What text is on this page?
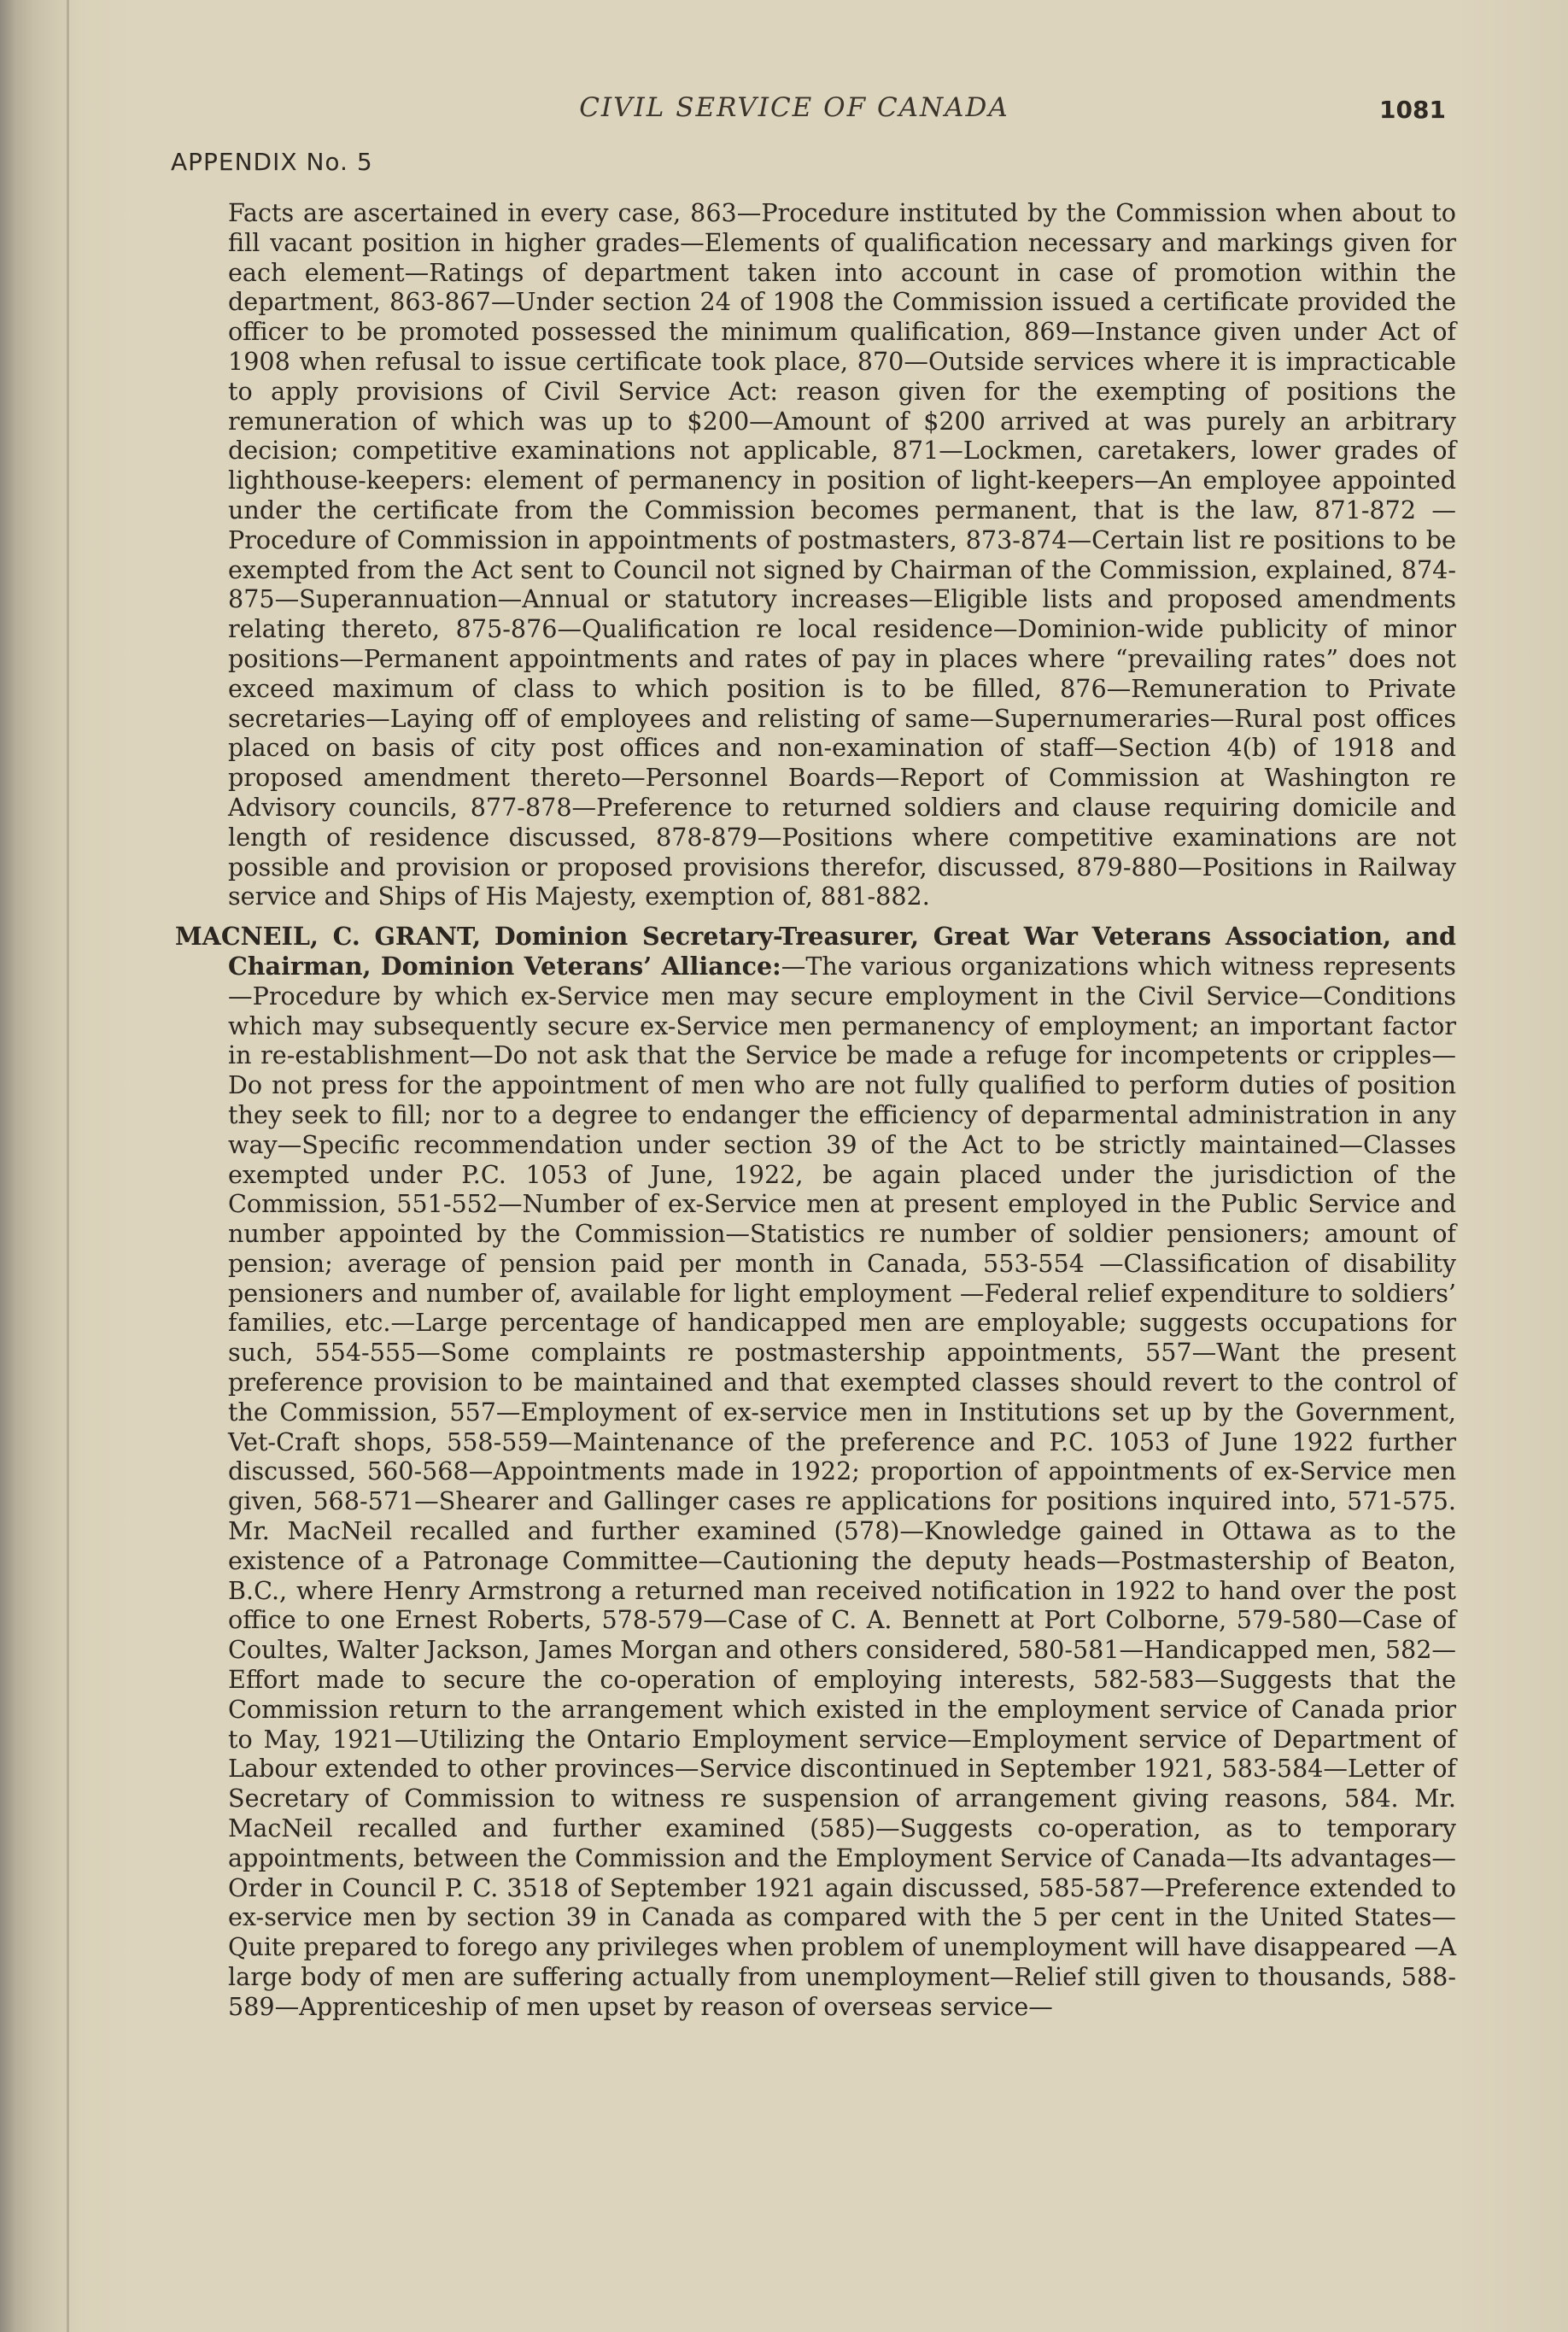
CIVIL SERVICE OF CANADA	1081
APPENDIX No. 5

Facts are ascertained in every case, 863—Procedure instituted by the Commission when about to fill vacant position in higher grades—Elements of qualification necessary and markings given for each element—Ratings of department taken into account in case of promotion within the department, 863-867—Under section 24 of 1908 the Commission issued a certificate provided the officer to be promoted possessed the minimum qualification, 869—Instance given under Act of 1908 when refusal to issue certificate took place, 870—Outside services where it is impracticable to apply provisions of Civil Service Act: reason given for the exempting of positions the remuneration of which was up to $200—Amount of $200 arrived at was purely an arbitrary decision; competitive examinations not applicable, 871—Lockmen, caretakers, lower grades of lighthouse-keepers: element of permanency in position of light-keepers—An employee appointed under the certificate from the Commission becomes permanent, that is the law, 871-872 —Procedure of Commission in appointments of postmasters, 873-874—Certain list re positions to be exempted from the Act sent to Council not signed by Chairman of the Commission, explained, 874-875—Superannuation—Annual or statutory increases—Eligible lists and proposed amendments relating thereto, 875-876—Qualification re local residence—Dominion-wide publicity of minor positions—Permanent appointments and rates of pay in places where “prevailing rates” does not exceed maximum of class to which position is to be filled, 876—Remuneration to Private secretaries—Laying off of employees and relisting of same—Supernumeraries—Rural post offices placed on basis of city post offices and non-examination of staff—Section 4(b) of 1918 and proposed amendment thereto—Personnel Boards—Report of Commission at Washington re Advisory councils, 877-878—Preference to returned soldiers and clause requiring domicile and length of residence discussed, 878-879—Positions where competitive examinations are not possible and provision or proposed provisions therefor, discussed, 879-880—Positions in Railway service and Ships of His Majesty, exemption of, 881-882.

MACNEIL, C. GRANT, Dominion Secretary-Treasurer, Great War Veterans Association, and Chairman, Dominion Veterans’ Alliance:—The various organizations which witness represents—Procedure by which ex-Service men may secure employment in the Civil Service—Conditions which may subsequently secure ex-Service men permanency of employment; an important factor in re-establishment—Do not ask that the Service be made a refuge for incompetents or cripples—Do not press for the appointment of men who are not fully qualified to perform duties of position they seek to fill; nor to a degree to endanger the efficiency of deparmental administration in any way—Specific recommendation under section 39 of the Act to be strictly maintained—Classes exempted under P.C. 1053 of June, 1922, be again placed under the jurisdiction of the Commission, 551-552—Number of ex-Service men at present employed in the Public Service and number appointed by the Commission—Statistics re number of soldier pensioners; amount of pension; average of pension paid per month in Canada, 553-554 —Classification of disability pensioners and number of, available for light employment —Federal relief expenditure to soldiers’ families, etc.—Large percentage of handicapped men are employable; suggests occupations for such, 554-555—Some complaints re postmastership appointments, 557—Want the present preference provision to be maintained and that exempted classes should revert to the control of the Commission, 557—Employment of ex-service men in Institutions set up by the Government, Vet-Craft shops, 558-559—Maintenance of the preference and P.C. 1053 of June 1922 further discussed, 560-568—Appointments made in 1922; proportion of appointments of ex-Service men given, 568-571—Shearer and Gallinger cases re applications for positions inquired into, 571-575. Mr. MacNeil recalled and further examined (578)—Knowledge gained in Ottawa as to the existence of a Patronage Committee—Cautioning the deputy heads—Postmastership of Beaton, B.C., where Henry Armstrong a returned man received notification in 1922 to hand over the post office to one Ernest Roberts, 578-579—Case of C. A. Bennett at Port Colborne, 579-580—Case of Coultes, Walter Jackson, James Morgan and others considered, 580-581—Handicapped men, 582—Effort made to secure the co-operation of employing interests, 582-583—Suggests that the Commission return to the arrangement which existed in the employment service of Canada prior to May, 1921—Utilizing the Ontario Employment service—Employment service of Department of Labour extended to other provinces—Service discontinued in September 1921, 583-584—Letter of Secretary of Commission to witness re suspension of arrangement giving reasons, 584. Mr. MacNeil recalled and further examined (585)—Suggests co-operation, as to temporary appointments, between the Commission and the Employment Service of Canada—Its advantages—Order in Council P. C. 3518 of September 1921 again discussed, 585-587—Preference extended to ex-service men by section 39 in Canada as compared with the 5 per cent in the United States—Quite prepared to forego any privileges when problem of unemployment will have disappeared —A large body of men are suffering actually from unemployment—Relief still given to thousands, 588-589—Apprenticeship of men upset by reason of overseas service—
